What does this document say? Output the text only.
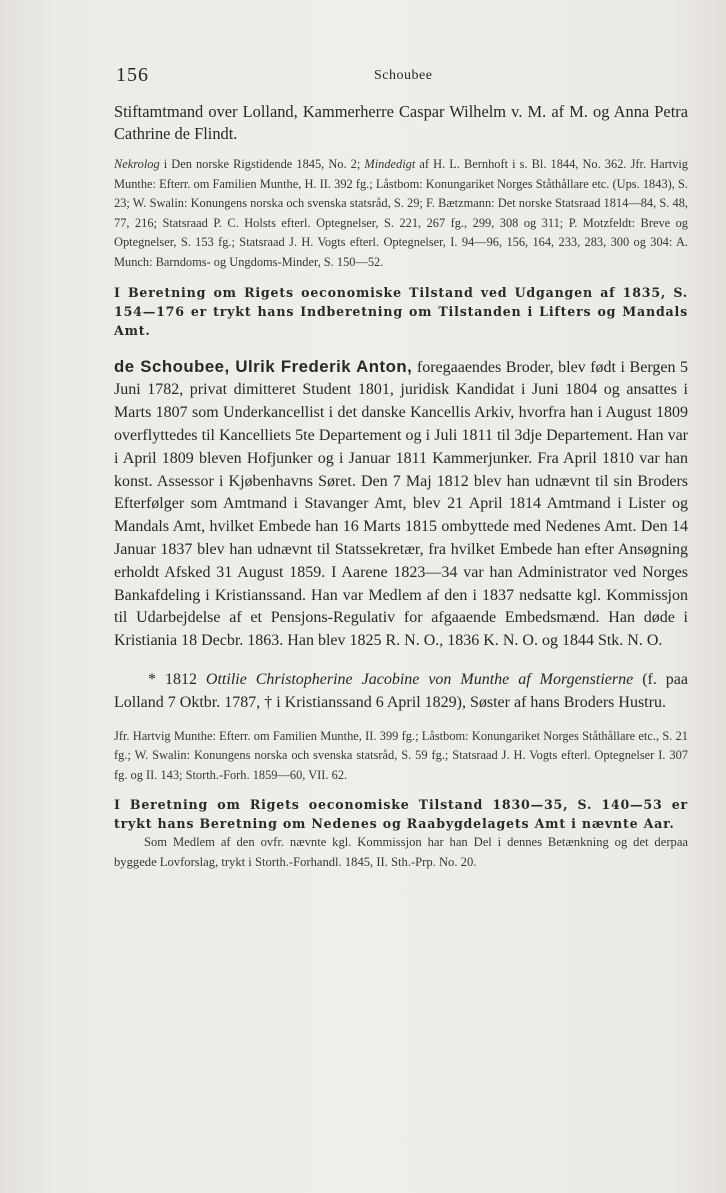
156	Schoubee

Stiftamtmand over Lolland, Kammerherre Caspar Wilhelm v. M. af M. og Anna Petra Cathrine de Flindt.

Nekrolog i Den norske Rigstidende 1845, No. 2; Mindedigt af H. L. Bernhoft i s. Bl. 1844, No. 362. Jfr. Hartvig Munthe: Efterr. om Familien Munthe, H. II. 392 fg.; Låstbom: Konungariket Norges Ståthållare etc. (Ups. 1843), S. 23; W. Swalin: Konungens norska och svenska statsråd, S. 29; F. Bætzmann: Det norske Statsraad 1814—84, S. 48, 77, 216; Statsraad P. C. Holsts efterl. Optegnelser, S. 221, 267 fg., 299, 308 og 311; P. Motzfeldt: Breve og Optegnelser, S. 153 fg.; Statsraad J. H. Vogts efterl. Optegnelser, I. 94—96, 156, 164, 233, 283, 300 og 304: A. Munch: Barndoms- og Ungdoms-Minder, S. 150—52.

I Beretning om Rigets oeconomiske Tilstand ved Udgangen af 1835, S. 154—176 er trykt hans Indberetning om Tilstanden i Lifters og Mandals Amt.

de Schoubee, Ulrik Frederik Anton, foregaaendes Broder, blev født i Bergen 5 Juni 1782, privat dimitteret Student 1801, juridisk Kandidat i Juni 1804 og ansattes i Marts 1807 som Underkancellist i det danske Kancellis Arkiv, hvorfra han i August 1809 overflyttedes til Kancelliets 5te Departement og i Juli 1811 til 3dje Departement. Han var i April 1809 bleven Hofjunker og i Januar 1811 Kammerjunker. Fra April 1810 var han konst. Assessor i Kjøbenhavns Søret. Den 7 Maj 1812 blev han udnævnt til sin Broders Efterfølger som Amtmand i Stavanger Amt, blev 21 April 1814 Amtmand i Lister og Mandals Amt, hvilket Embede han 16 Marts 1815 ombyttede med Nedenes Amt. Den 14 Januar 1837 blev han udnævnt til Statssekretær, fra hvilket Embede han efter Ansøgning erholdt Afsked 31 August 1859. I Aarene 1823—34 var han Administrator ved Norges Bankafdeling i Kristianssand. Han var Medlem af den i 1837 nedsatte kgl. Kommissjon til Udarbejdelse af et Pensjons-Regulativ for afgaaende Embedsmænd. Han døde i Kristiania 18 Decbr. 1863. Han blev 1825 R. N. O., 1836 K. N. O. og 1844 Stk. N. O.

* 1812 Ottilie Christopherine Jacobine von Munthe af Morgenstierne (f. paa Lolland 7 Oktbr. 1787, † i Kristianssand 6 April 1829), Søster af hans Broders Hustru.

Jfr. Hartvig Munthe: Efterr. om Familien Munthe, II. 399 fg.; Låstbom: Konungariket Norges Ståthållare etc., S. 21 fg.; W. Swalin: Konungens norska och svenska statsråd, S. 59 fg.; Statsraad J. H. Vogts efterl. Optegnelser I. 307 fg. og II. 143; Storth.-Forh. 1859—60, VII. 62.

I Beretning om Rigets oeconomiske Tilstand 1830—35, S. 140—53 er trykt hans Beretning om Nedenes og Raabygdelagets Amt i nævnte Aar.

Som Medlem af den ovfr. nævnte kgl. Kommissjon har han Del i dennes Betænkning og det derpaa byggede Lovforslag, trykt i Storth.-Forhandl. 1845, II. Sth.-Prp. No. 20.
